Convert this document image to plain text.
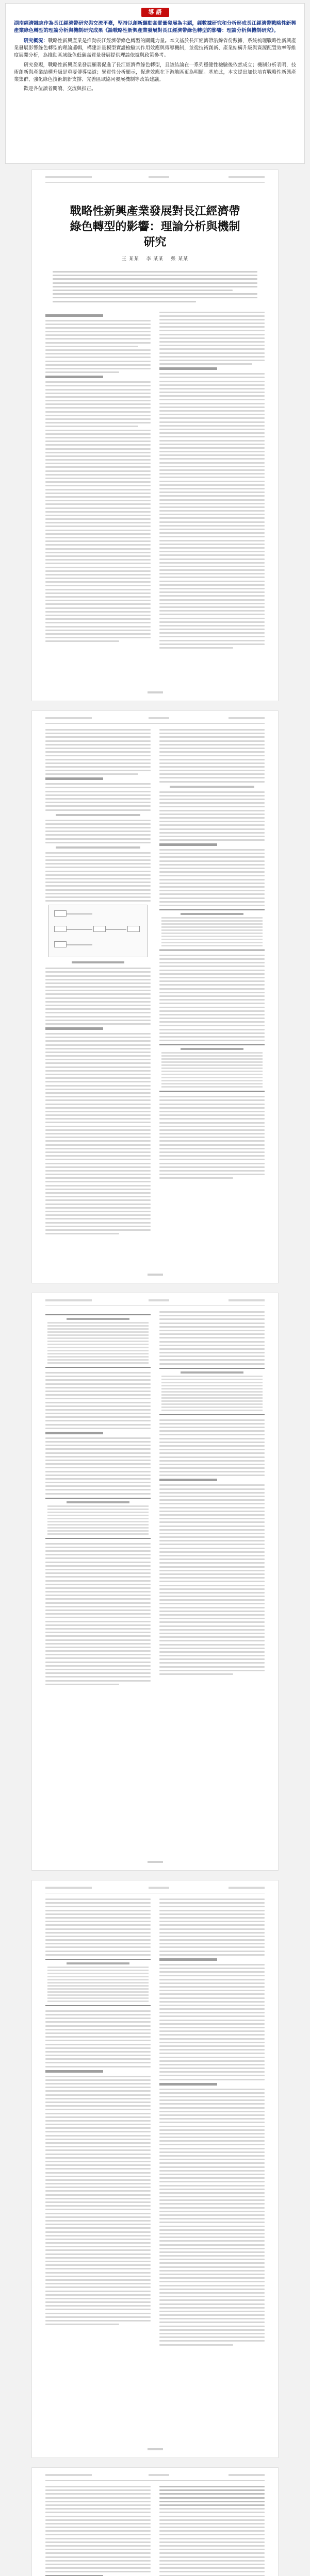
導 語

湖南經濟雜志作為長江經濟帶研究與交流平臺，堅持以創新驅動高質量發展為主題，經數據研究和分析形成長江經濟帶戰略性新興產業綠色轉型的理論分析與機制研究成果《論戰略性新興產業發展對長江經濟帶綠色轉型的影響：理論分析與機制研究》。

研究概況：戰略性新興產業是推動長江經濟帶綠色轉型的關鍵力量。本文基於長江經濟帶沿線省份數據，系統梳理戰略性新興產業發展影響綠色轉型的理論邏輯，構建計量模型實證檢驗其作用效應與傳導機制，並從技術創新、產業結構升級與資源配置效率等維度展開分析，為推動區域綠色低碳高質量發展提供理論依據與政策參考。

研究發現，戰略性新興產業發展顯著促進了長江經濟帶綠色轉型，且該結論在一系列穩健性檢驗後依然成立；機制分析表明，技術創新與產業結構升級是重要傳導渠道；異質性分析顯示，促進效應在下游地區更為明顯。基於此，本文提出加快培育戰略性新興產業集群、強化綠色技術創新支撐、完善區域協同發展機制等政策建議。

歡迎各位讀者閱讀、交流與指正。

戰略性新興產業發展對長江經濟帶綠色轉型的影響：理論分析與機制研究
王 某某　 李 某某　 張 某某
